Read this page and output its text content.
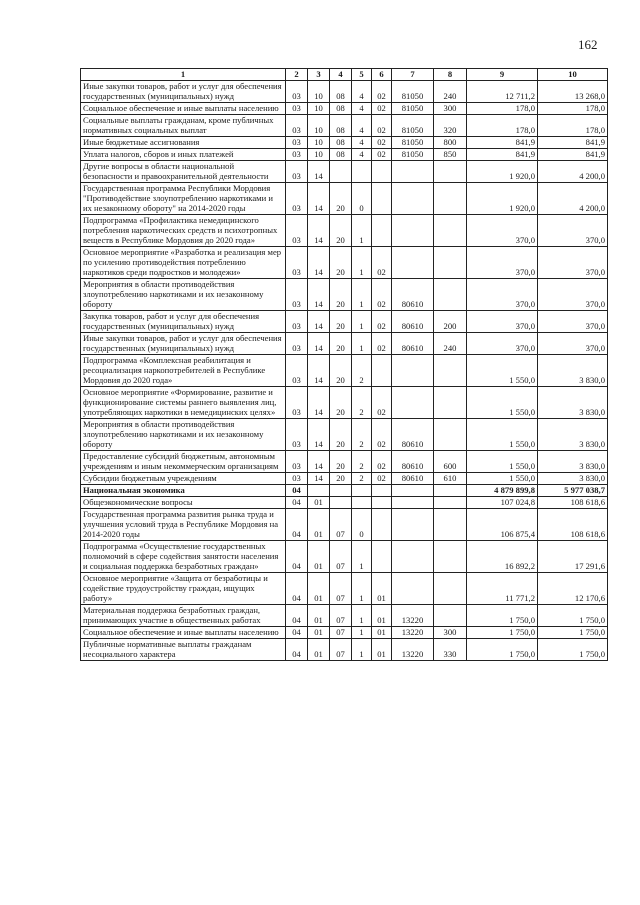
162
1	2	3	4	5	6	7	8	9	10
Иные закупки товаров, работ и услуг для обеспечения государственных (муниципальных) нужд	03	10	08	4	02	81050	240	12 711,2	13 268,0
Социальное обеспечение и иные выплаты населению	03	10	08	4	02	81050	300	178,0	178,0
Социальные выплаты гражданам, кроме публичных нормативных социальных выплат	03	10	08	4	02	81050	320	178,0	178,0
Иные бюджетные ассигнования	03	10	08	4	02	81050	800	841,9	841,9
Уплата налогов, сборов и иных платежей	03	10	08	4	02	81050	850	841,9	841,9
Другие вопросы в области национальной безопасности и правоохранительной деятельности	03	14						1 920,0	4 200,0
Государственная программа Республики Мордовия "Противодействие злоупотреблению наркотиками и их незаконному обороту" на 2014-2020 годы	03	14	20	0				1 920,0	4 200,0
Подпрограмма «Профилактика немедицинского потребления наркотических средств и психотропных веществ в Республике Мордовия до 2020 года»	03	14	20	1				370,0	370,0
Основное мероприятие «Разработка и реализация мер по усилению противодействия потреблению наркотиков среди подростков и молодежи»	03	14	20	1	02			370,0	370,0
Мероприятия в области противодействия злоупотреблению наркотиками и их незаконному обороту	03	14	20	1	02	80610		370,0	370,0
Закупка товаров, работ и услуг для обеспечения государственных (муниципальных) нужд	03	14	20	1	02	80610	200	370,0	370,0
Иные закупки товаров, работ и услуг для обеспечения государственных (муниципальных) нужд	03	14	20	1	02	80610	240	370,0	370,0
Подпрограмма «Комплексная реабилитация и ресоциализация наркопотребителей в Республике Мордовия до 2020 года»	03	14	20	2				1 550,0	3 830,0
Основное мероприятие «Формирование, развитие и функционирование системы раннего выявления лиц, употребляющих наркотики в немедицинских целях»	03	14	20	2	02			1 550,0	3 830,0
Мероприятия в области противодействия злоупотреблению наркотиками и их незаконному обороту	03	14	20	2	02	80610		1 550,0	3 830,0
Предоставление субсидий бюджетным, автономным учреждениям и иным некоммерческим организациям	03	14	20	2	02	80610	600	1 550,0	3 830,0
Субсидии бюджетным учреждениям	03	14	20	2	02	80610	610	1 550,0	3 830,0
Национальная экономика	04							4 879 899,8	5 977 038,7
Общеэкономические вопросы	04	01						107 024,8	108 618,6
Государственная программа развития рынка труда и улучшения условий труда в Республике Мордовия на 2014-2020 годы	04	01	07	0				106 875,4	108 618,6
Подпрограмма «Осуществление государственных полномочий в сфере содействия занятости населения и социальная поддержка безработных граждан»	04	01	07	1				16 892,2	17 291,6
Основное мероприятие «Защита от безработицы и содействие трудоустройству граждан, ищущих работу»	04	01	07	1	01			11 771,2	12 170,6
Материальная поддержка безработных граждан, принимающих участие в общественных работах	04	01	07	1	01	13220		1 750,0	1 750,0
Социальное обеспечение и иные выплаты населению	04	01	07	1	01	13220	300	1 750,0	1 750,0
Публичные нормативные выплаты гражданам несоциального характера	04	01	07	1	01	13220	330	1 750,0	1 750,0
